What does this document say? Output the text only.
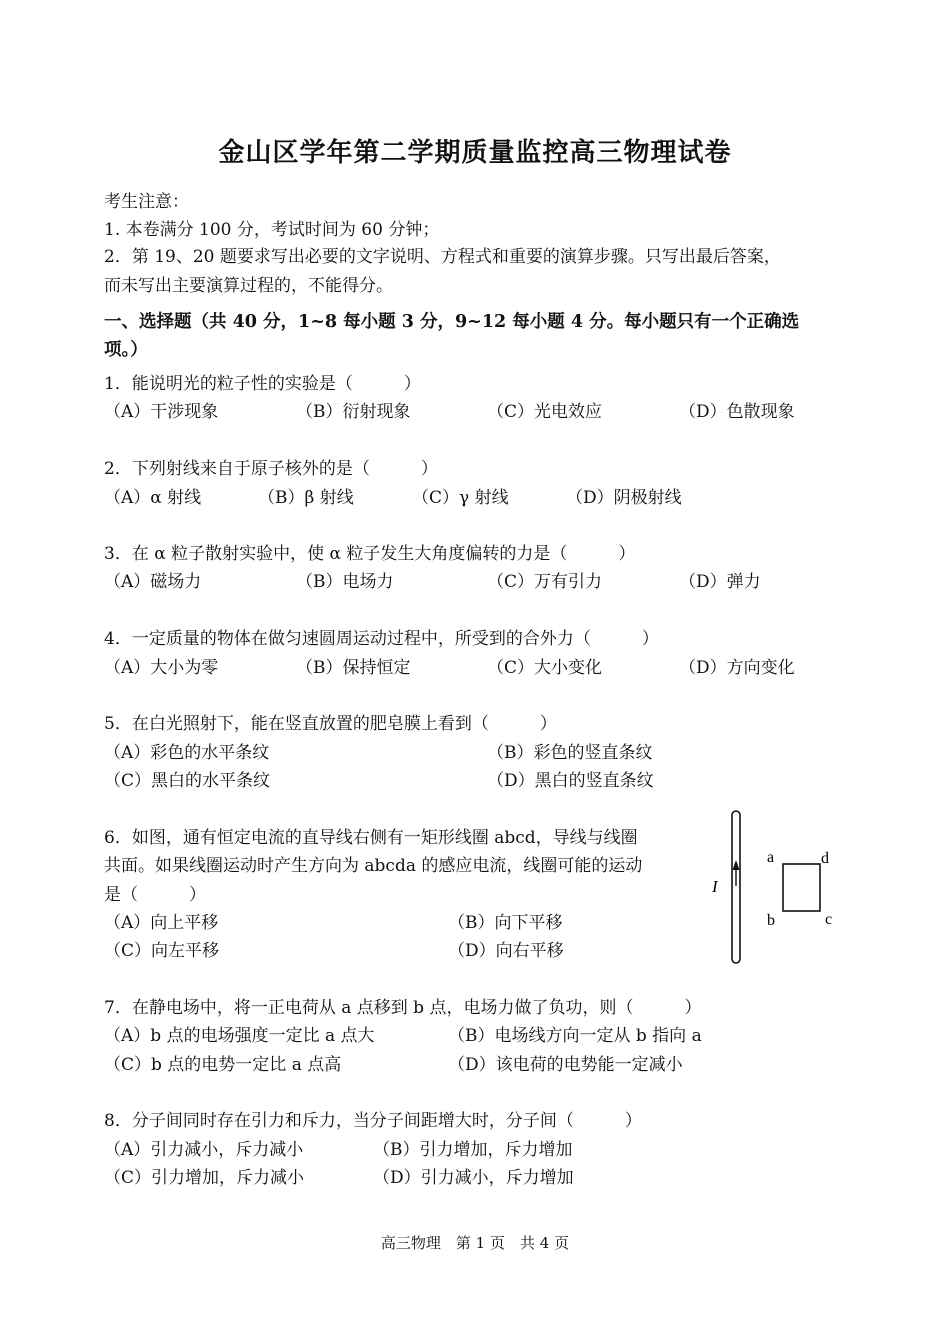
金山区学年第二学期质量监控高三物理试卷
考生注意：
1. 本卷满分 100 分，考试时间为 60 分钟；
2．第 19、20 题要求写出必要的文字说明、方程式和重要的演算步骤。只写出最后答案，
而未写出主要演算过程的，不能得分。
一、选择题（共 40 分，1~8 每小题 3 分，9~12 每小题 4 分。每小题只有一个正确选
项。）
1．能说明光的粒子性的实验是（　　　）
（A）干涉现象	（B）衍射现象	（C）光电效应	（D）色散现象
2．下列射线来自于原子核外的是（　　　）
（A）α 射线	（B）β 射线	（C）γ 射线	（D）阴极射线
3．在 α 粒子散射实验中，使 α 粒子发生大角度偏转的力是（　　　）
（A）磁场力	（B）电场力	（C）万有引力	（D）弹力
4．一定质量的物体在做匀速圆周运动过程中，所受到的合外力（　　　）
（A）大小为零	（B）保持恒定	（C）大小变化	（D）方向变化
5．在白光照射下，能在竖直放置的肥皂膜上看到（　　　）
（A）彩色的水平条纹	（B）彩色的竖直条纹
（C）黑白的水平条纹	（D）黑白的竖直条纹
6．如图，通有恒定电流的直导线右侧有一矩形线圈 abcd，导线与线圈
共面。如果线圈运动时产生方向为 abcda 的感应电流，线圈可能的运动
是（　　　）
（A）向上平移	（B）向下平移
（C）向左平移	（D）向右平移
I
a	d
b	c
7．在静电场中，将一正电荷从 a 点移到 b 点，电场力做了负功，则（　　　）
（A）b 点的电场强度一定比 a 点大	（B）电场线方向一定从 b 指向 a
（C）b 点的电势一定比 a 点高	（D）该电荷的电势能一定减小
8．分子间同时存在引力和斥力，当分子间距增大时，分子间（　　　）
（A）引力减小，斥力减小	（B）引力增加，斥力增加
（C）引力增加，斥力减小	（D）引力减小，斥力增加
高三物理　第 1 页　共 4 页
